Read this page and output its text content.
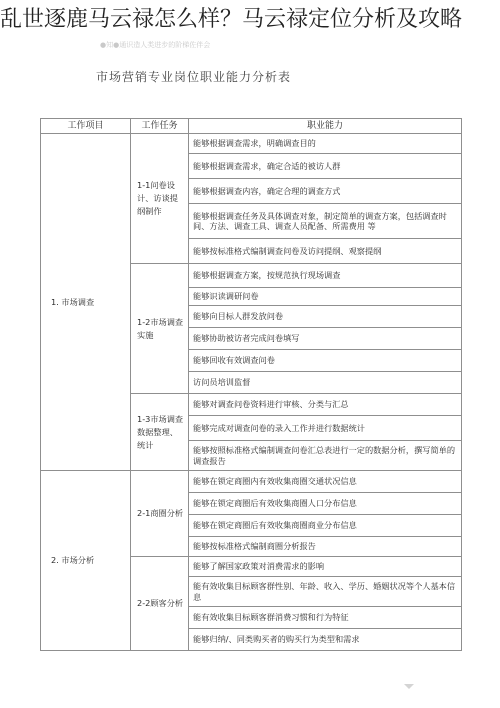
乱世逐鹿马云禄怎么样？马云禄定位分析及攻略
●知●通识造人类进步的阶梯佐伴会
市场营销专业岗位职业能力分析表
工作项目	工作任务	职业能力
1. 市场调查	1-1问卷设计、访谈提纲制作	能够根据调查需求，明确调查目的
		能够根据调查需求，确定合适的被访人群
		能够根据调查内容，确定合理的调查方式
		能够根据调查任务及具体调查对象，制定简单的调查方案，包括调查时间、方法、调查工具、调查人员配备、所需费用 等
		能够按标准格式编制调查问卷及访问提纲、观察提纲
	1-2市场调查实施	能够根据调查方案，按规范执行现场调查
		能够识读调研问卷
		能够向目标人群发放问卷
		能够协助被访者完成问卷填写
		能够回收有效调查问卷
		访问员培训监督
	1-3市场调查数据整理、统计	能够对调查问卷资料进行审核、分类与汇总
		能够完成对调查问卷的录入工作并进行数据统计
		能够按照标准格式编制调查问卷汇总表进行一定的数据分析，撰写简单的调查报告
2. 市场分析	2-1商圈分析	能够在锁定商圈内有效收集商圈交通状况信息
		能够在锁定商圈后有效收集商圈人口分布信息
		能够在锁定商圈后有效收集商圈商业分布信息
		能够按标准格式编制商圈分析报告
	2-2顾客分析	能够了解国家政策对消费需求的影响
		能有效收集目标顾客群性别、年龄、收入、学历、婚姻状况等个人基本信息
		能有效收集目标顾客群消费习惯和行为特征
		能够归纳/、同类购买者的购买行为类型和需求
